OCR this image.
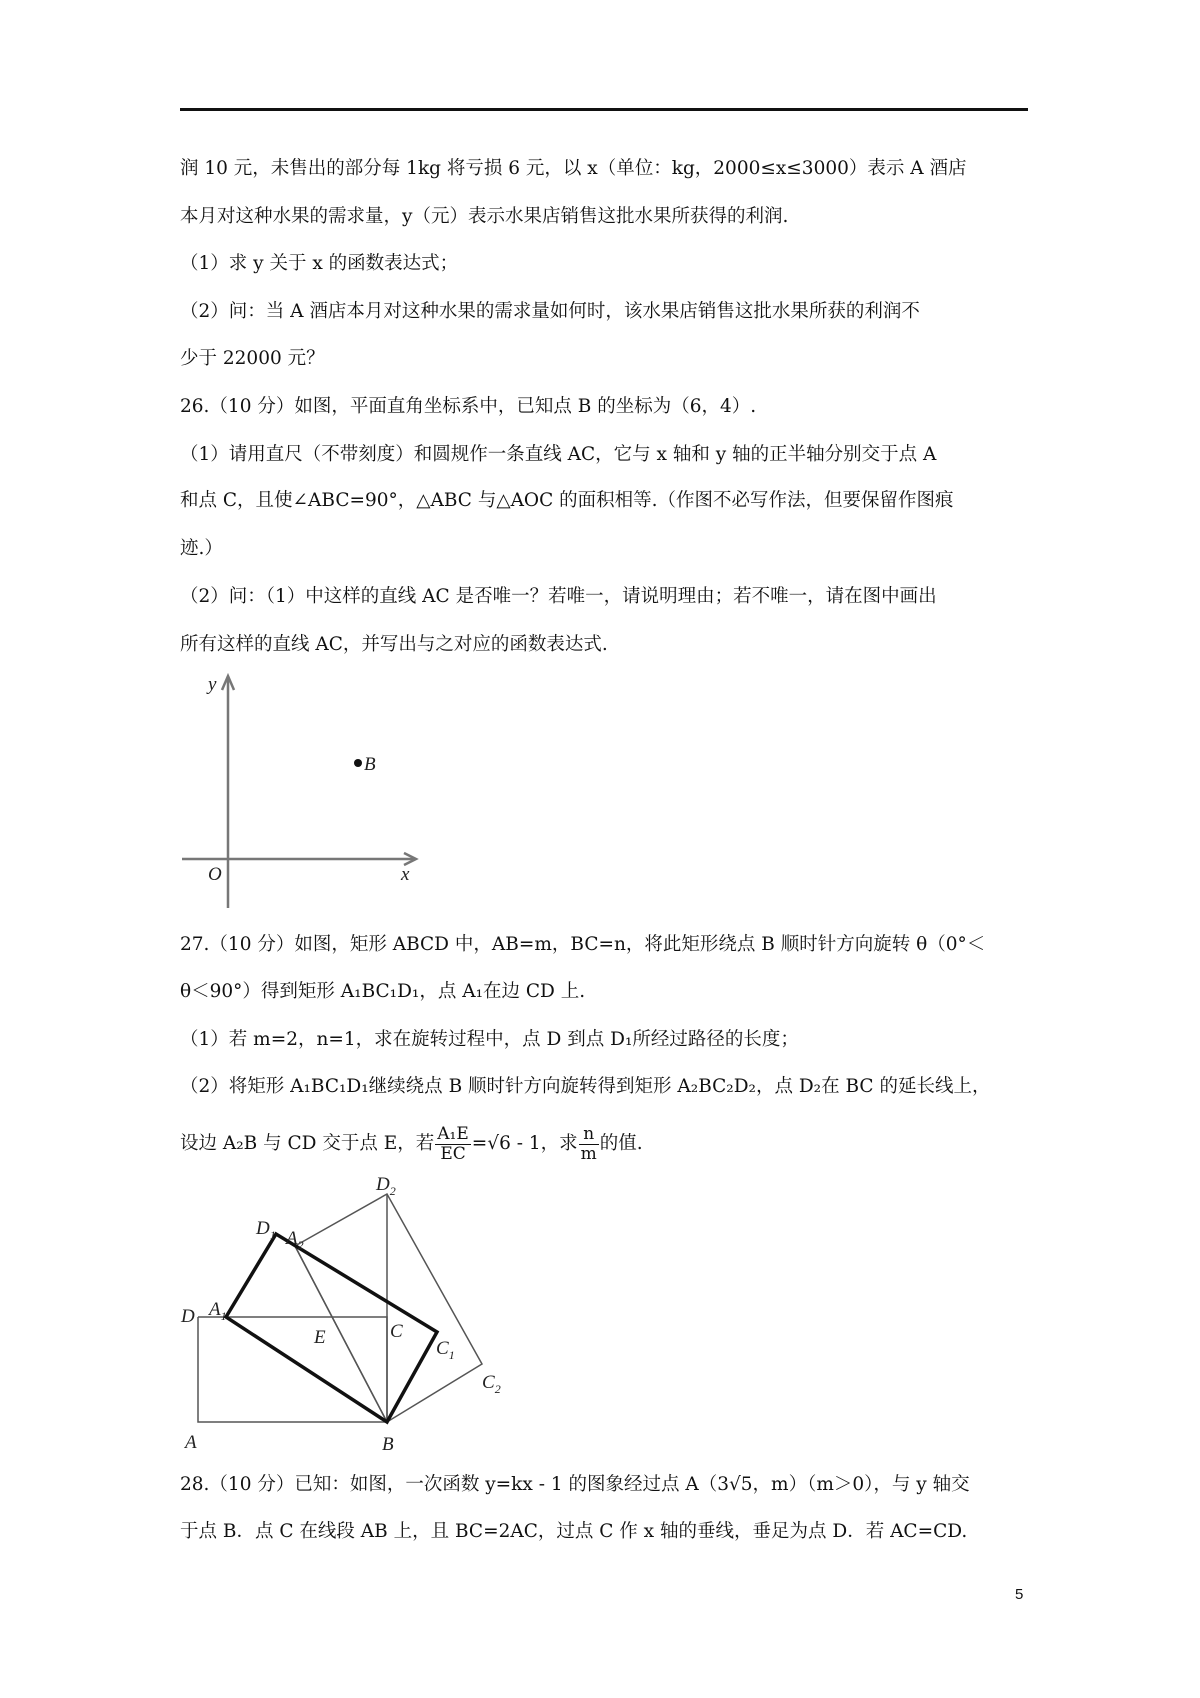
润 10 元，未售出的部分每 1kg 将亏损 6 元，以 x（单位：kg，2000≤x≤3000）表示 A 酒店
本月对这种水果的需求量，y（元）表示水果店销售这批水果所获得的利润.
（1）求 y 关于 x 的函数表达式；
（2）问：当 A 酒店本月对这种水果的需求量如何时，该水果店销售这批水果所获的利润不
少于 22000 元？
26.（10 分）如图，平面直角坐标系中，已知点 B 的坐标为（6，4）.
（1）请用直尺（不带刻度）和圆规作一条直线 AC，它与 x 轴和 y 轴的正半轴分别交于点 A
和点 C，且使∠ABC=90°，△ABC 与△AOC 的面积相等.（作图不必写作法，但要保留作图痕
迹.）
（2）问：（1）中这样的直线 AC 是否唯一？若唯一，请说明理由；若不唯一，请在图中画出
所有这样的直线 AC，并写出与之对应的函数表达式.
y
x
O
B
$D_2$
$D_1$ $A_2$
D $A_1$
E	C
$C_1$
$C_2$
A	B
27.（10 分）如图，矩形 ABCD 中，AB=m，BC=n，将此矩形绕点 B 顺时针方向旋转 θ（0°＜
θ＜90°）得到矩形 A₁BC₁D₁，点 A₁在边 CD 上.
（1）若 m=2，n=1，求在旋转过程中，点 D 到点 D₁所经过路径的长度；
（2）将矩形 A₁BC₁D₁继续绕点 B 顺时针方向旋转得到矩形 A₂BC₂D₂，点 D₂在 BC 的延长线上，
设边 A₂B 与 CD 交于点 E，若 $\frac{\text{A₁E}}{EC} =√6 - 1$，求 $\frac{n}{m}$ 的值.
28.（10 分）已知：如图，一次函数 y=kx - 1 的图象经过点 A（3√5，m）（m＞0），与 y 轴交
于点 B．点 C 在线段 AB 上，且 BC=2AC，过点 C 作 x 轴的垂线，垂足为点 D．若 AC=CD.
5
